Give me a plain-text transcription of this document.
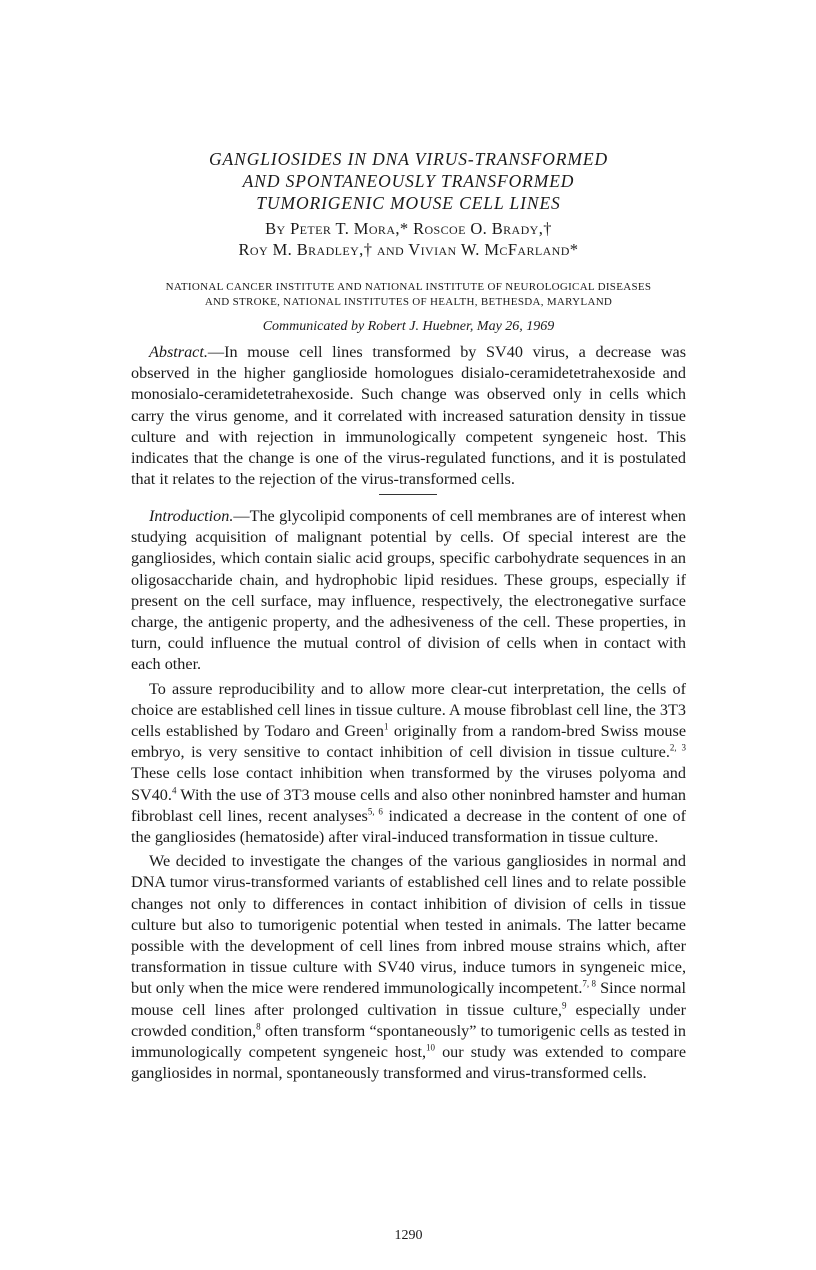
GANGLIOSIDES IN DNA VIRUS-TRANSFORMED
AND SPONTANEOUSLY TRANSFORMED
TUMORIGENIC MOUSE CELL LINES
By Peter T. Mora,* Roscoe O. Brady,†
Roy M. Bradley,† and Vivian W. McFarland*
NATIONAL CANCER INSTITUTE AND NATIONAL INSTITUTE OF NEUROLOGICAL DISEASES
AND STROKE, NATIONAL INSTITUTES OF HEALTH, BETHESDA, MARYLAND
Communicated by Robert J. Huebner, May 26, 1969

Abstract.—In mouse cell lines transformed by SV40 virus, a decrease was observed in the higher ganglioside homologues disialo-ceramidetetrahexoside and monosialo-ceramidetetrahexoside. Such change was observed only in cells which carry the virus genome, and it correlated with increased saturation density in tissue culture and with rejection in immunologically competent syngeneic host. This indicates that the change is one of the virus-regulated functions, and it is postulated that it relates to the rejection of the virus-transformed cells.

Introduction.—The glycolipid components of cell membranes are of interest when studying acquisition of malignant potential by cells. Of special interest are the gangliosides, which contain sialic acid groups, specific carbohydrate sequences in an oligosaccharide chain, and hydrophobic lipid residues. These groups, especially if present on the cell surface, may influence, respectively, the electronegative surface charge, the antigenic property, and the adhesiveness of the cell. These properties, in turn, could influence the mutual control of division of cells when in contact with each other.

To assure reproducibility and to allow more clear-cut interpretation, the cells of choice are established cell lines in tissue culture. A mouse fibroblast cell line, the 3T3 cells established by Todaro and Green$^1$ originally from a random-bred Swiss mouse embryo, is very sensitive to contact inhibition of cell division in tissue culture.$^{2, 3}$ These cells lose contact inhibition when transformed by the viruses polyoma and SV40.$^4$ With the use of 3T3 mouse cells and also other noninbred hamster and human fibroblast cell lines, recent analyses$^{5, 6}$ indicated a decrease in the content of one of the gangliosides (hematoside) after viral-induced transformation in tissue culture.

We decided to investigate the changes of the various gangliosides in normal and DNA tumor virus-transformed variants of established cell lines and to relate possible changes not only to differences in contact inhibition of division of cells in tissue culture but also to tumorigenic potential when tested in animals. The latter became possible with the development of cell lines from inbred mouse strains which, after transformation in tissue culture with SV40 virus, induce tumors in syngeneic mice, but only when the mice were rendered immunologically incompetent.$^{7, 8}$ Since normal mouse cell lines after prolonged cultivation in tissue culture,$^9$ especially under crowded condition,$^8$ often transform “spontaneously” to tumorigenic cells as tested in immunologically competent syngeneic host,$^{10}$ our study was extended to compare gangliosides in normal, spontaneously transformed and virus-transformed cells.

1290
